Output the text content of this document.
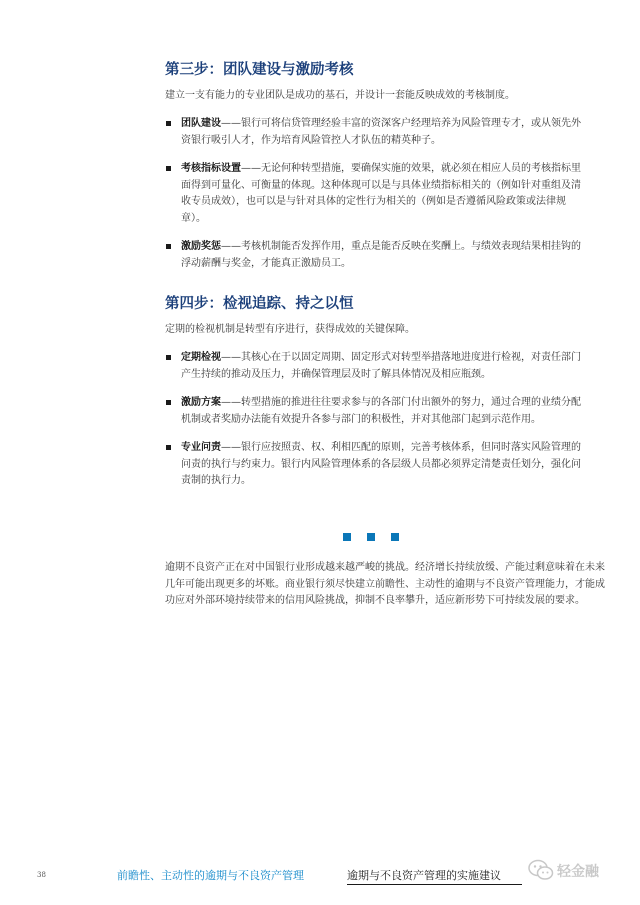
第三步：团队建设与激励考核

建立一支有能力的专业团队是成功的基石，并设计一套能反映成效的考核制度。

团队建设——银行可将信贷管理经验丰富的资深客户经理培养为风险管理专才，或从领先外资银行吸引人才，作为培育风险管控人才队伍的精英种子。
考核指标设置——无论何种转型措施，要确保实施的效果，就必须在相应人员的考核指标里面得到可量化、可衡量的体现。这种体现可以是与具体业绩指标相关的（例如针对重组及清收专员成效），也可以是与针对具体的定性行为相关的（例如是否遵循风险政策或法律规章）。
激励奖惩——考核机制能否发挥作用，重点是能否反映在奖酬上。与绩效表现结果相挂钩的浮动薪酬与奖金，才能真正激励员工。
第四步：检视追踪、持之以恒

定期的检视机制是转型有序进行，获得成效的关键保障。

定期检视——其核心在于以固定周期、固定形式对转型举措落地进度进行检视，对责任部门产生持续的推动及压力，并确保管理层及时了解具体情况及相应瓶颈。
激励方案——转型措施的推进往往要求参与的各部门付出额外的努力，通过合理的业绩分配机制或者奖励办法能有效提升各参与部门的积极性，并对其他部门起到示范作用。
专业问责——银行应按照责、权、利相匹配的原则，完善考核体系，但同时落实风险管理的问责的执行与约束力。银行内风险管理体系的各层级人员都必须界定清楚责任划分，强化问责制的执行力。

逾期不良资产正在对中国银行业形成越来越严峻的挑战。经济增长持续放缓、产能过剩意味着在未来几年可能出现更多的坏账。商业银行须尽快建立前瞻性、主动性的逾期与不良资产管理能力，才能成功应对外部环境持续带来的信用风险挑战，抑制不良率攀升，适应新形势下可持续发展的要求。

38	前瞻性、主动性的逾期与不良资产管理	逾期与不良资产管理的实施建议	轻金融
